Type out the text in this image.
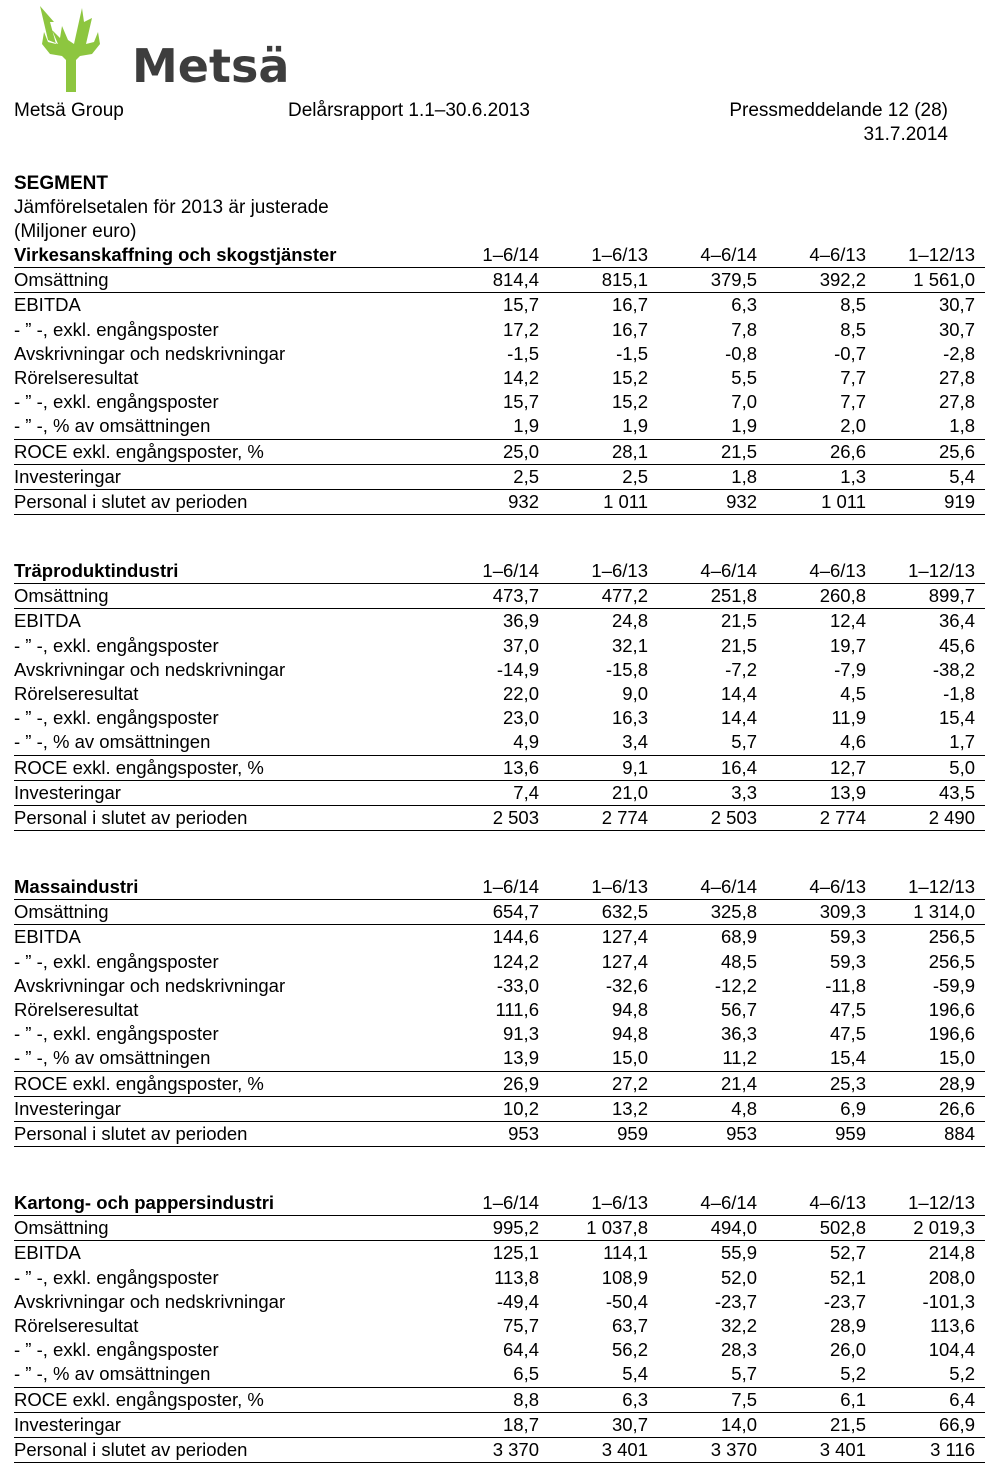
Metsä
Metsä Group	Delårsrapport 1.1–30.6.2013	Pressmeddelande 12 (28)
31.7.2014
SEGMENT
Jämförelsetalen för 2013 är justerade
(Miljoner euro)
Virkesanskaffning och skogstjänster	1–6/14	1–6/13	4–6/14	4–6/13	1–12/13
Omsättning	814,4	815,1	379,5	392,2	1 561,0
EBITDA	15,7	16,7	6,3	8,5	30,7
- ” -, exkl. engångsposter	17,2	16,7	7,8	8,5	30,7
Avskrivningar och nedskrivningar	-1,5	-1,5	-0,8	-0,7	-2,8
Rörelseresultat	14,2	15,2	5,5	7,7	27,8
- ” -, exkl. engångsposter	15,7	15,2	7,0	7,7	27,8
- ” -, % av omsättningen	1,9	1,9	1,9	2,0	1,8
ROCE exkl. engångsposter, %	25,0	28,1	21,5	26,6	25,6
Investeringar	2,5	2,5	1,8	1,3	5,4
Personal i slutet av perioden	932	1 011	932	1 011	919
Träproduktindustri	1–6/14	1–6/13	4–6/14	4–6/13	1–12/13
Omsättning	473,7	477,2	251,8	260,8	899,7
EBITDA	36,9	24,8	21,5	12,4	36,4
- ” -, exkl. engångsposter	37,0	32,1	21,5	19,7	45,6
Avskrivningar och nedskrivningar	-14,9	-15,8	-7,2	-7,9	-38,2
Rörelseresultat	22,0	9,0	14,4	4,5	-1,8
- ” -, exkl. engångsposter	23,0	16,3	14,4	11,9	15,4
- ” -, % av omsättningen	4,9	3,4	5,7	4,6	1,7
ROCE exkl. engångsposter, %	13,6	9,1	16,4	12,7	5,0
Investeringar	7,4	21,0	3,3	13,9	43,5
Personal i slutet av perioden	2 503	2 774	2 503	2 774	2 490
Massaindustri	1–6/14	1–6/13	4–6/14	4–6/13	1–12/13
Omsättning	654,7	632,5	325,8	309,3	1 314,0
EBITDA	144,6	127,4	68,9	59,3	256,5
- ” -, exkl. engångsposter	124,2	127,4	48,5	59,3	256,5
Avskrivningar och nedskrivningar	-33,0	-32,6	-12,2	-11,8	-59,9
Rörelseresultat	111,6	94,8	56,7	47,5	196,6
- ” -, exkl. engångsposter	91,3	94,8	36,3	47,5	196,6
- ” -, % av omsättningen	13,9	15,0	11,2	15,4	15,0
ROCE exkl. engångsposter, %	26,9	27,2	21,4	25,3	28,9
Investeringar	10,2	13,2	4,8	6,9	26,6
Personal i slutet av perioden	953	959	953	959	884
Kartong- och pappersindustri	1–6/14	1–6/13	4–6/14	4–6/13	1–12/13
Omsättning	995,2	1 037,8	494,0	502,8	2 019,3
EBITDA	125,1	114,1	55,9	52,7	214,8
- ” -, exkl. engångsposter	113,8	108,9	52,0	52,1	208,0
Avskrivningar och nedskrivningar	-49,4	-50,4	-23,7	-23,7	-101,3
Rörelseresultat	75,7	63,7	32,2	28,9	113,6
- ” -, exkl. engångsposter	64,4	56,2	28,3	26,0	104,4
- ” -, % av omsättningen	6,5	5,4	5,7	5,2	5,2
ROCE exkl. engångsposter, %	8,8	6,3	7,5	6,1	6,4
Investeringar	18,7	30,7	14,0	21,5	66,9
Personal i slutet av perioden	3 370	3 401	3 370	3 401	3 116
